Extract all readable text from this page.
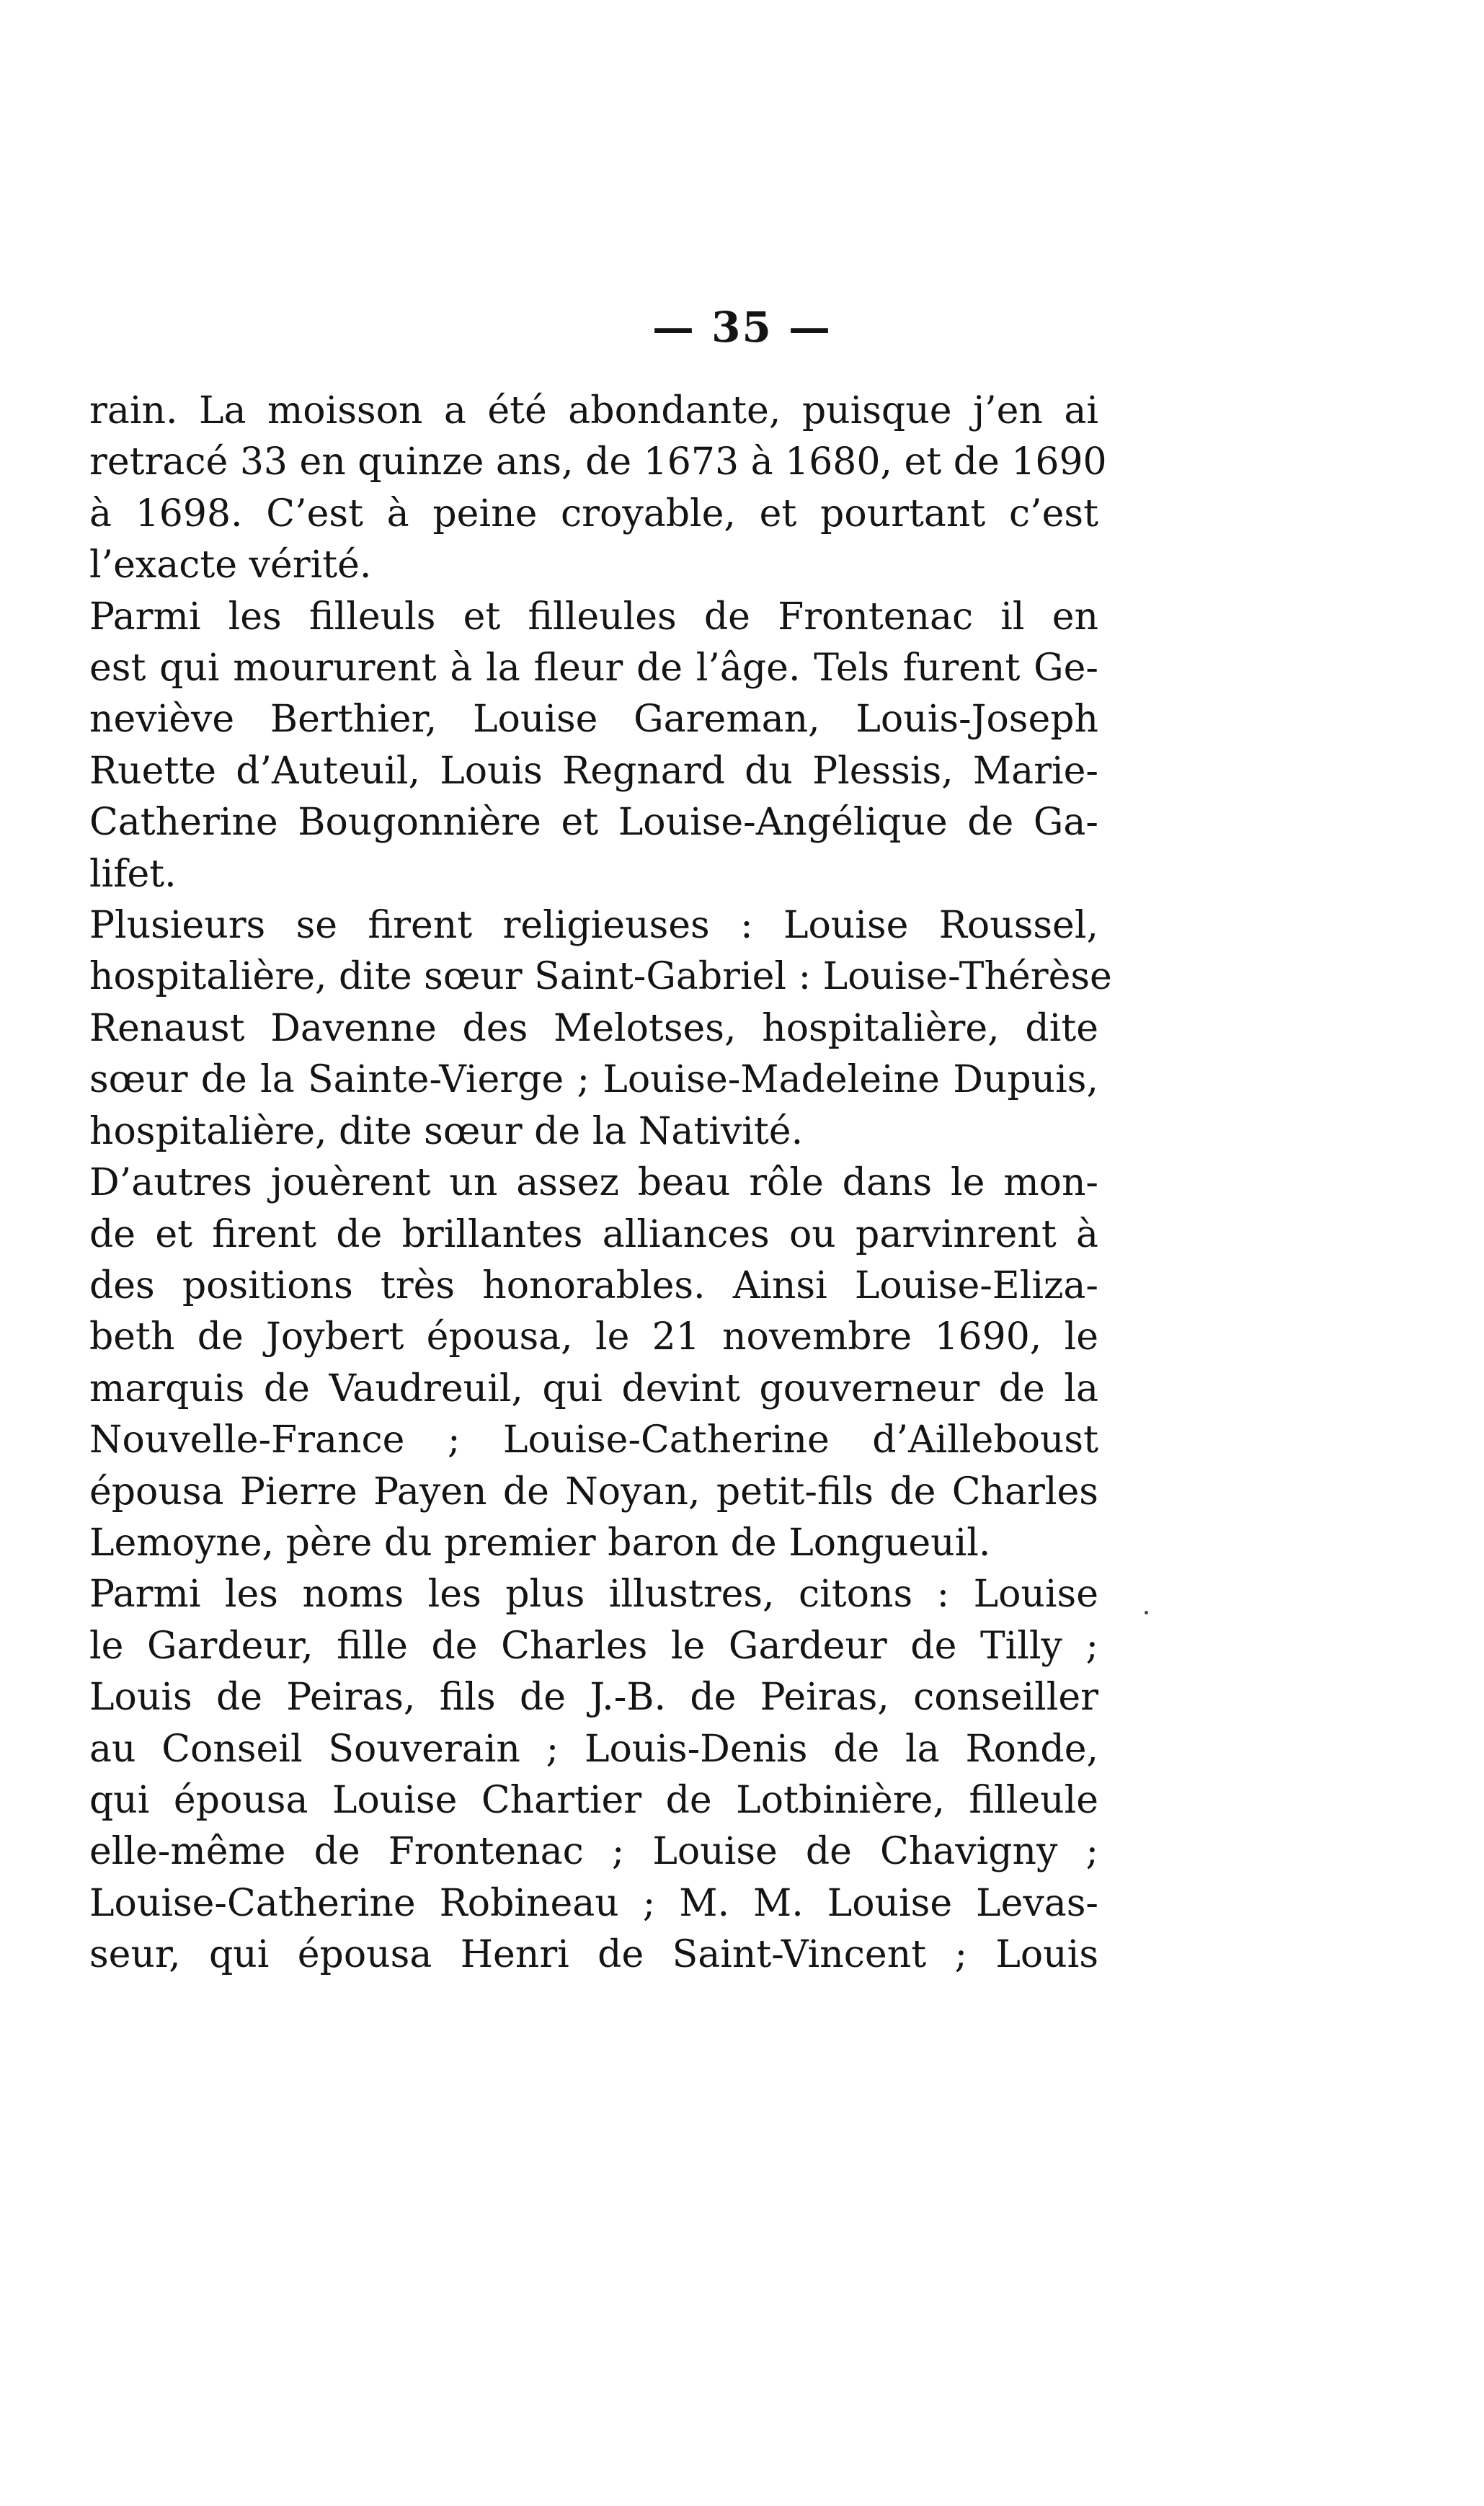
— 35 —

rain. La moisson a été abondante, puisque j’en ai
retracé 33 en quinze ans, de 1673 à 1680, et de 1690
à 1698. C’est à peine croyable, et pourtant c’est
l’exacte vérité.

Parmi les filleuls et filleules de Frontenac il en
est qui moururent à la fleur de l’âge. Tels furent Ge-
neviève Berthier, Louise Gareman, Louis-Joseph
Ruette d’Auteuil, Louis Regnard du Plessis, Marie-
Catherine Bougonnière et Louise-Angélique de Ga-
lifet.

Plusieurs se firent religieuses : Louise Roussel,
hospitalière, dite sœur Saint-Gabriel : Louise-Thérèse
Renaust Davenne des Melotses, hospitalière, dite
sœur de la Sainte-Vierge ; Louise-Madeleine Dupuis,
hospitalière, dite sœur de la Nativité.

D’autres jouèrent un assez beau rôle dans le mon-
de et firent de brillantes alliances ou parvinrent à
des positions très honorables. Ainsi Louise-Eliza-
beth de Joybert épousa, le 21 novembre 1690, le
marquis de Vaudreuil, qui devint gouverneur de la
Nouvelle-France ; Louise-Catherine d’Ailleboust
épousa Pierre Payen de Noyan, petit-fils de Charles
Lemoyne, père du premier baron de Longueuil.

Parmi les noms les plus illustres, citons : Louise
le Gardeur, fille de Charles le Gardeur de Tilly ;
Louis de Peiras, fils de J.-B. de Peiras, conseiller
au Conseil Souverain ; Louis-Denis de la Ronde,
qui épousa Louise Chartier de Lotbinière, filleule
elle-même de Frontenac ; Louise de Chavigny ;
Louise-Catherine Robineau ; M. M. Louise Levas-
seur, qui épousa Henri de Saint-Vincent ; Louis
